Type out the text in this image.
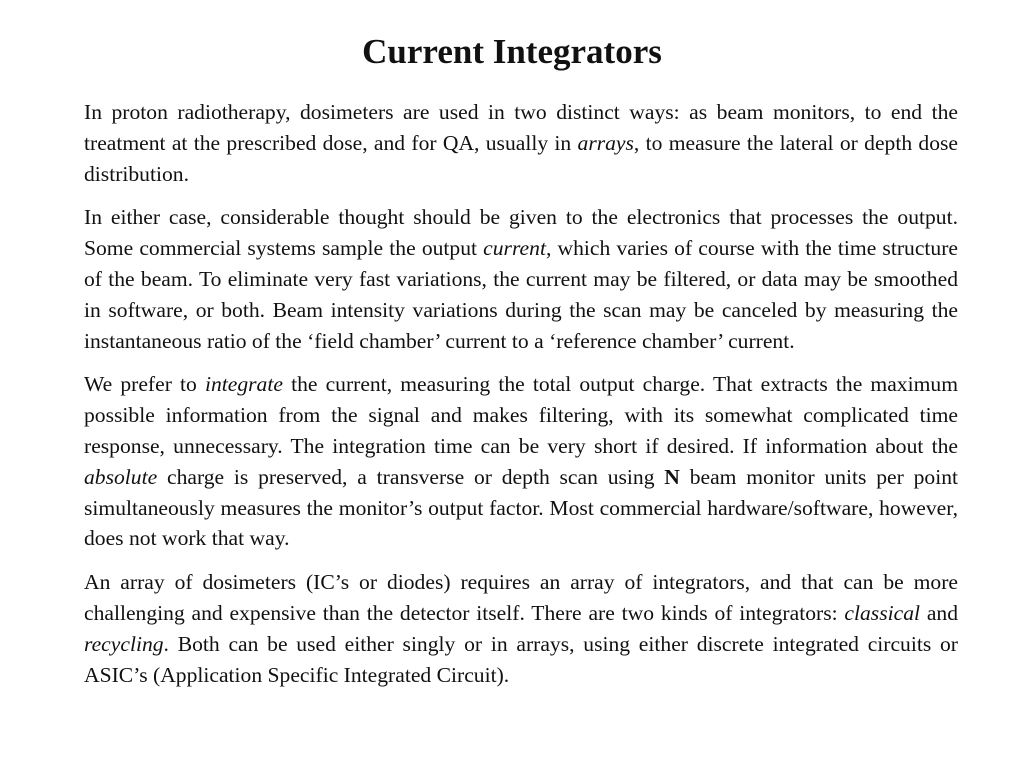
Current Integrators

In proton radiotherapy, dosimeters are used in two distinct ways: as beam monitors, to end the treatment at the prescribed dose, and for QA, usually in arrays, to measure the lateral or depth dose distribution.

In either case, considerable thought should be given to the electronics that processes the output. Some commercial systems sample the output current, which varies of course with the time structure of the beam. To eliminate very fast variations, the current may be filtered, or data may be smoothed in software, or both. Beam intensity variations during the scan may be canceled by measuring the instantaneous ratio of the ‘field chamber’ current to a ‘reference chamber’ current.

We prefer to integrate the current, measuring the total output charge. That extracts the maximum possible information from the signal and makes filtering, with its somewhat complicated time response, unnecessary. The integration time can be very short if desired. If information about the absolute charge is preserved, a transverse or depth scan using N beam monitor units per point simultaneously measures the monitor’s output factor. Most commercial hardware/software, however, does not work that way.

An array of dosimeters (IC’s or diodes) requires an array of integrators, and that can be more challenging and expensive than the detector itself. There are two kinds of integrators: classical and recycling. Both can be used either singly or in arrays, using either discrete integrated circuits or ASIC’s (Application Specific Integrated Circuit).
